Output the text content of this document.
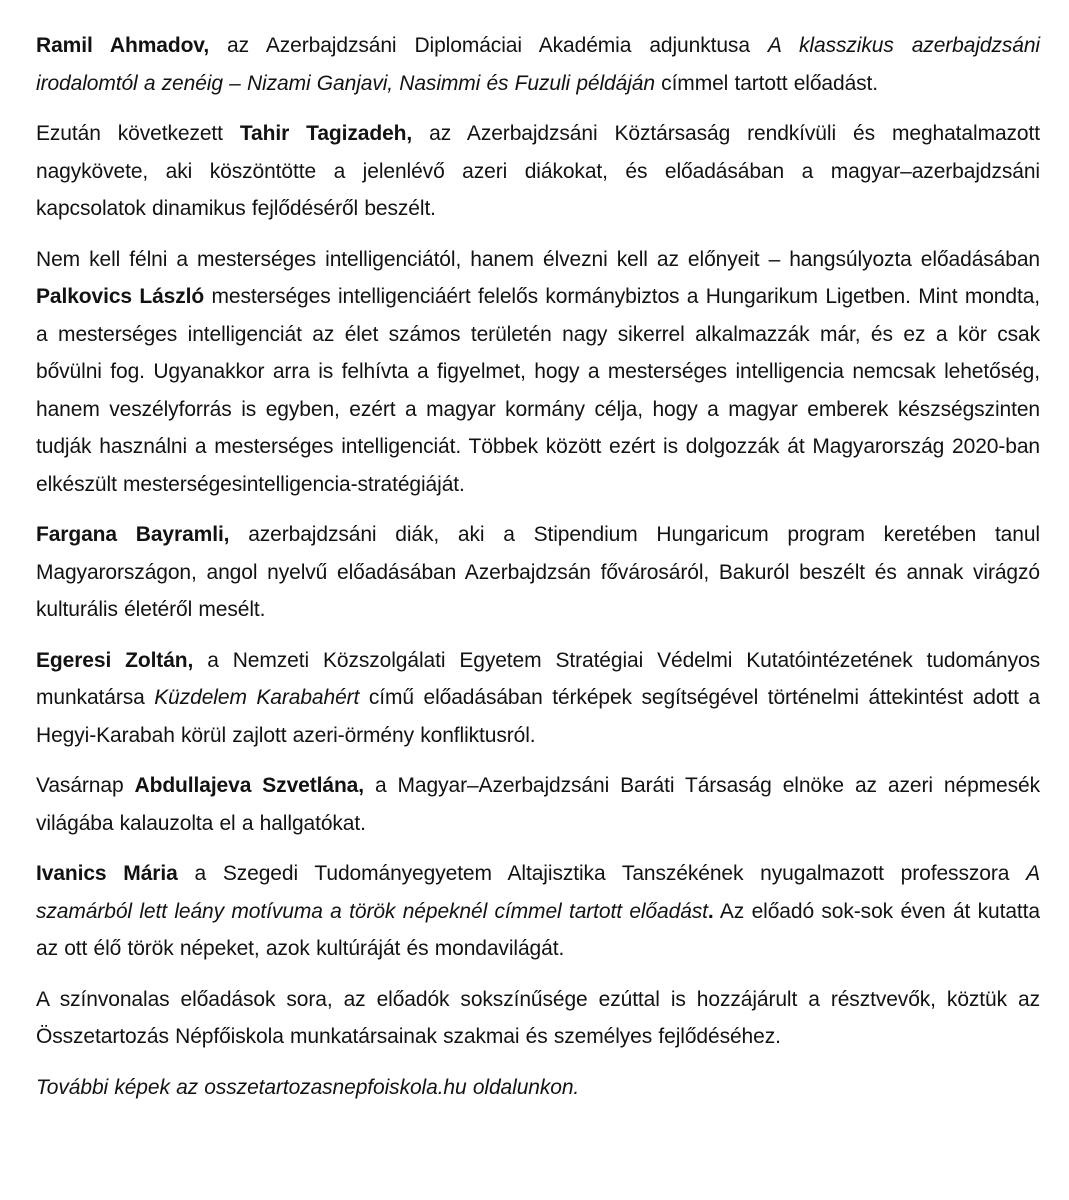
Ramil Ahmadov, az Azerbajdzsáni Diplomáciai Akadémia adjunktusa A klasszikus azerbajdzsáni irodalomtól a zenéig – Nizami Ganjavi, Nasimmi és Fuzuli példáján címmel tartott előadást.

Ezután következett Tahir Tagizadeh, az Azerbajdzsáni Köztársaság rendkívüli és meghatalmazott nagykövete, aki köszöntötte a jelenlévő azeri diákokat, és előadásában a magyar–azerbajdzsáni kapcsolatok dinamikus fejlődéséről beszélt.

Nem kell félni a mesterséges intelligenciától, hanem élvezni kell az előnyeit – hangsúlyozta előadásában Palkovics László mesterséges intelligenciáért felelős kormánybiztos a Hungarikum Ligetben. Mint mondta, a mesterséges intelligenciát az élet számos területén nagy sikerrel alkalmazzák már, és ez a kör csak bővülni fog. Ugyanakkor arra is felhívta a figyelmet, hogy a mesterséges intelligencia nemcsak lehetőség, hanem veszélyforrás is egyben, ezért a magyar kormány célja, hogy a magyar emberek készségszinten tudják használni a mesterséges intelligenciát. Többek között ezért is dolgozzák át Magyarország 2020-ban elkészült mesterségesintelligencia-stratégiáját.

Fargana Bayramli, azerbajdzsáni diák, aki a Stipendium Hungaricum program keretében tanul Magyarországon, angol nyelvű előadásában Azerbajdzsán fővárosáról, Bakuról beszélt és annak virágzó kulturális életéről mesélt.

Egeresi Zoltán, a Nemzeti Közszolgálati Egyetem Stratégiai Védelmi Kutatóintézetének tudományos munkatársa Küzdelem Karabahért című előadásában térképek segítségével történelmi áttekintést adott a Hegyi-Karabah körül zajlott azeri-örmény konfliktusról.

Vasárnap Abdullajeva Szvetlána, a Magyar–Azerbajdzsáni Baráti Társaság elnöke az azeri népmesék világába kalauzolta el a hallgatókat.

Ivanics Mária a Szegedi Tudományegyetem Altajisztika Tanszékének nyugalmazott professzora A szamárból lett leány motívuma a török népeknél címmel tartott előadást. Az előadó sok-sok éven át kutatta az ott élő török népeket, azok kultúráját és mondavilágát.

A színvonalas előadások sora, az előadók sokszínűsége ezúttal is hozzájárult a résztvevők, köztük az Összetartozás Népfőiskola munkatársainak szakmai és személyes fejlődéséhez.

További képek az osszetartozasnepfoiskola.hu oldalunkon.
